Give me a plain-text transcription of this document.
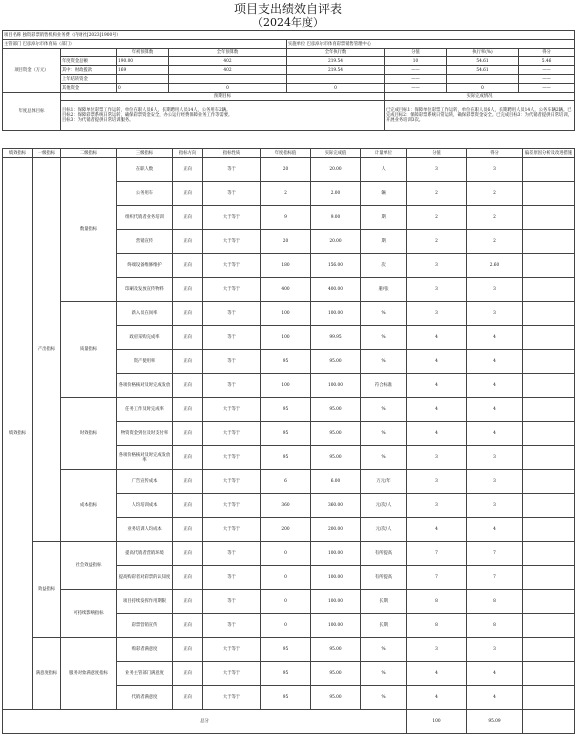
项目支出绩效自评表
（2024年度）
项目名称 独资彩票销售机构业务费（内财社[2023]1900号）							
主管部门 巴彦淖尔市体育局（部门）				实施单位 巴彦淖尔市体育彩票销售管理中心			
项目资金（万元）		年初预算数	全年预算数	全年执行数	分值	执行率(%)	得分
	年度资金总额	190.00	402	219.54	10	54.61	5.46
	其中：财政拨款	169	402	219.54	——	54.61	——
	上年结转资金				——		——
	其他资金	0	0	0	——	0	——
年度总体目标	预期目标				实际完成情况		
	目标1：保障单位彩票工作运转，单位在职人员6人，长期聘用人员14人，公务用车2辆。
目标2：保障彩票系统日常运转，确保彩票资金安全，办公运行经费保障业务工作等需要。
目标3：为代销者提供日常培训服务。				已完成目标1：保障单位彩票工作运转，单位在职人员6人，长期聘用人员14人，公务车辆2辆。已完成目标2：保障彩票系统日常运转，确保彩票资金安全。已完成目标3：为代销者提供日常培训，开展业务培训3次。		
绩效指标	一级指标	二级指标	三级指标	指标方向	指标性质	年度指标值	实际完成值	计量单位	分值	得分	偏差原因分析及改进措施
绩效指标	产出指标	数量指标	在职人数	正向	等于	20	20.00	人	3	3	
			公务用车	正向	等于	2	2.00	辆	2	2	
			组织代销者业务培训	正向	大于等于	9	9.00	期	2	2	
			营销宣传	正向	大于等于	20	20.00	期	2	2	
			终端设备维修维护	正向	大于等于	180	156.00	次	3	2.60	
			印刷及发放宣传物料	正向	大于等于	400	400.00	册/张	3	3	
		质量指标	新入员在岗率	正向	等于	100	100.00	%	3	3	
			政府采购完成率	正向	等于	100	99.95	%	4	4	
			资产使用率	正向	等于	95	95.00	%	4	4	
			各项价格核对及时完成发放	正向	等于	100	100.00	符合标准	4	4	
		时效指标	任务工作及时完成率	正向	大于等于	95	95.00	%	4	4	
			物资资金到位及时支付率	正向	大于等于	95	95.00	%	4	4	
			各项价格核对及时完成发放率	正向	大于等于	95	95.00	%	3	3	
		成本指标	广告宣传成本	正向	大于等于	6	6.00	万元/年	3	3	
			人均培训成本	正向	大于等于	360	360.00	元/次/人	3	3	
			业务培训人均成本	正向	大于等于	200	200.00	元/次/人	4	4	
	效益指标	社会效益指标	提高代销者营销环境	正向	等于	0	100.00	有所提高	7	7	
			提高购彩者对彩票的认知度	正向	等于	0	100.00	有所提高	7	7	
		可持续影响指标	项目持续发挥作用期限	正向	等于	0	100.00	长期	8	8	
			彩票营销宣传	正向	等于	0	100.00	长期	8	8	
	满意度指标	服务对象满意度指标	购彩者满意度	正向	大于等于	95	95.00	%	3	3	
			业务主管部门满意度	正向	大于等于	95	95.00	%	4	4	
			代销者满意度	正向	大于等于	95	95.00	%	4	4	
总分									100	95.09	
